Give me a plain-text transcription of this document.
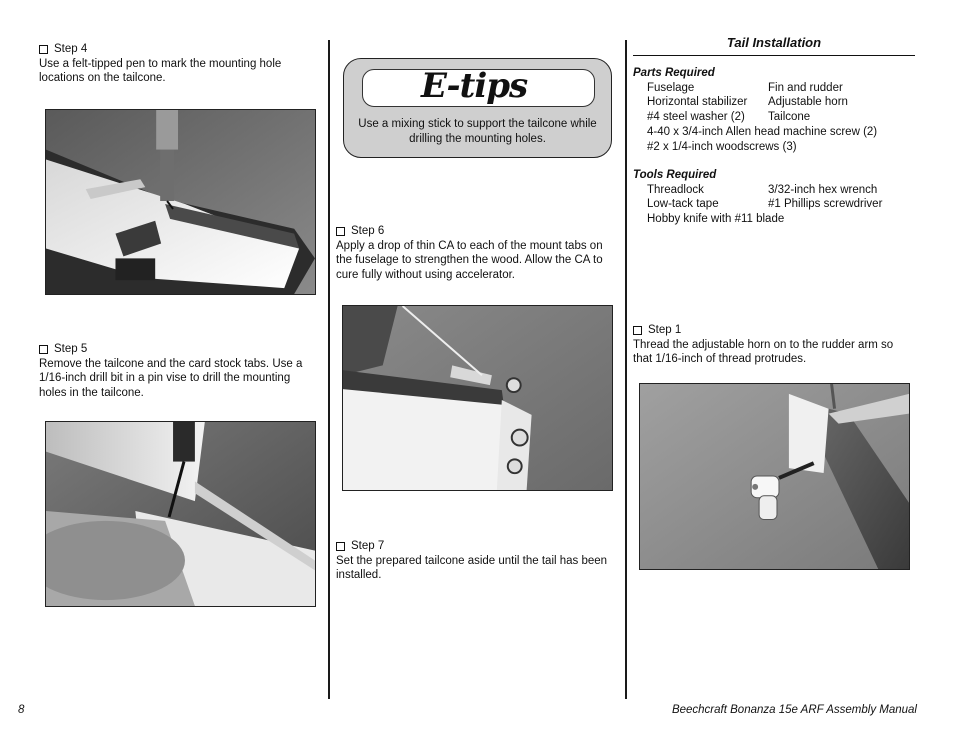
Step 4
Use a felt-tipped pen to mark the mounting hole locations on the tailcone.
Step 5
Remove the tailcone and the card stock tabs. Use a 1/16-inch drill bit in a pin vise to drill the mounting holes in the tailcone.
E-tips
Use a mixing stick to support the tailcone while drilling the mounting holes.
Step 6
Apply a drop of thin CA to each of the mount tabs on the fuselage to strengthen the wood. Allow the CA to cure fully without using accelerator.
Step 7
Set the prepared tailcone aside until the tail has been installed.
Tail Installation
Parts Required
Fuselage	Fin and rudder
Horizontal stabilizer	Adjustable horn
#4 steel washer (2)	Tailcone
4-40 x 3/4-inch Allen head machine screw (2)
#2 x 1/4-inch woodscrews (3)
Tools Required
Threadlock	3/32-inch hex wrench
Low-tack tape	#1 Phillips screwdriver
Hobby knife with #11 blade
Step 1
Thread the adjustable horn on to the rudder arm so that 1/16-inch of thread protrudes.
8	Beechcraft Bonanza 15e ARF Assembly Manual
